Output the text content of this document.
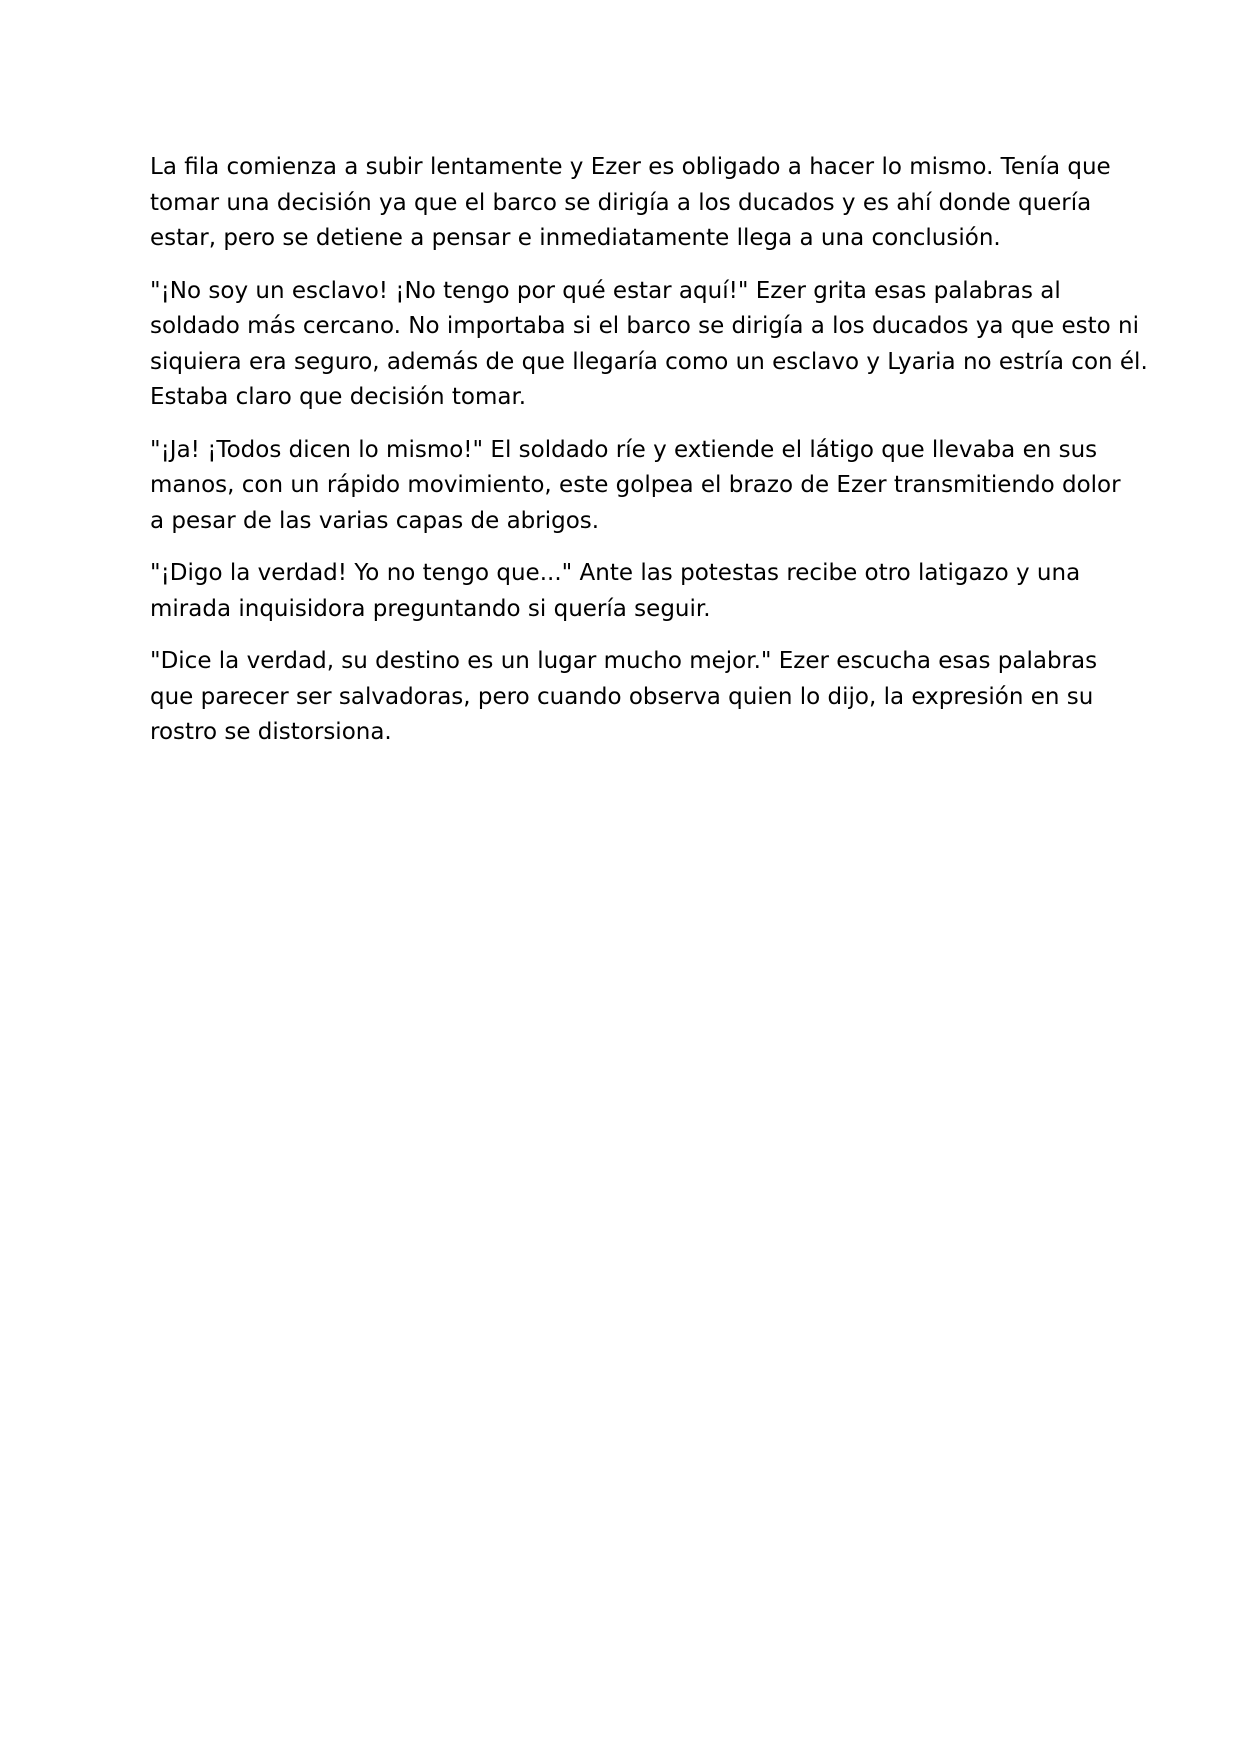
La fila comienza a subir lentamente y Ezer es obligado a hacer lo mismo. Tenía que
tomar una decisión ya que el barco se dirigía a los ducados y es ahí donde quería
estar, pero se detiene a pensar e inmediatamente llega a una conclusión.

"¡No soy un esclavo! ¡No tengo por qué estar aquí!" Ezer grita esas palabras al
soldado más cercano. No importaba si el barco se dirigía a los ducados ya que esto ni
siquiera era seguro, además de que llegaría como un esclavo y Lyaria no estría con él.
Estaba claro que decisión tomar.

"¡Ja! ¡Todos dicen lo mismo!" El soldado ríe y extiende el látigo que llevaba en sus
manos, con un rápido movimiento, este golpea el brazo de Ezer transmitiendo dolor
a pesar de las varias capas de abrigos.

"¡Digo la verdad! Yo no tengo que..." Ante las potestas recibe otro latigazo y una
mirada inquisidora preguntando si quería seguir.

"Dice la verdad, su destino es un lugar mucho mejor." Ezer escucha esas palabras
que parecer ser salvadoras, pero cuando observa quien lo dijo, la expresión en su
rostro se distorsiona.
